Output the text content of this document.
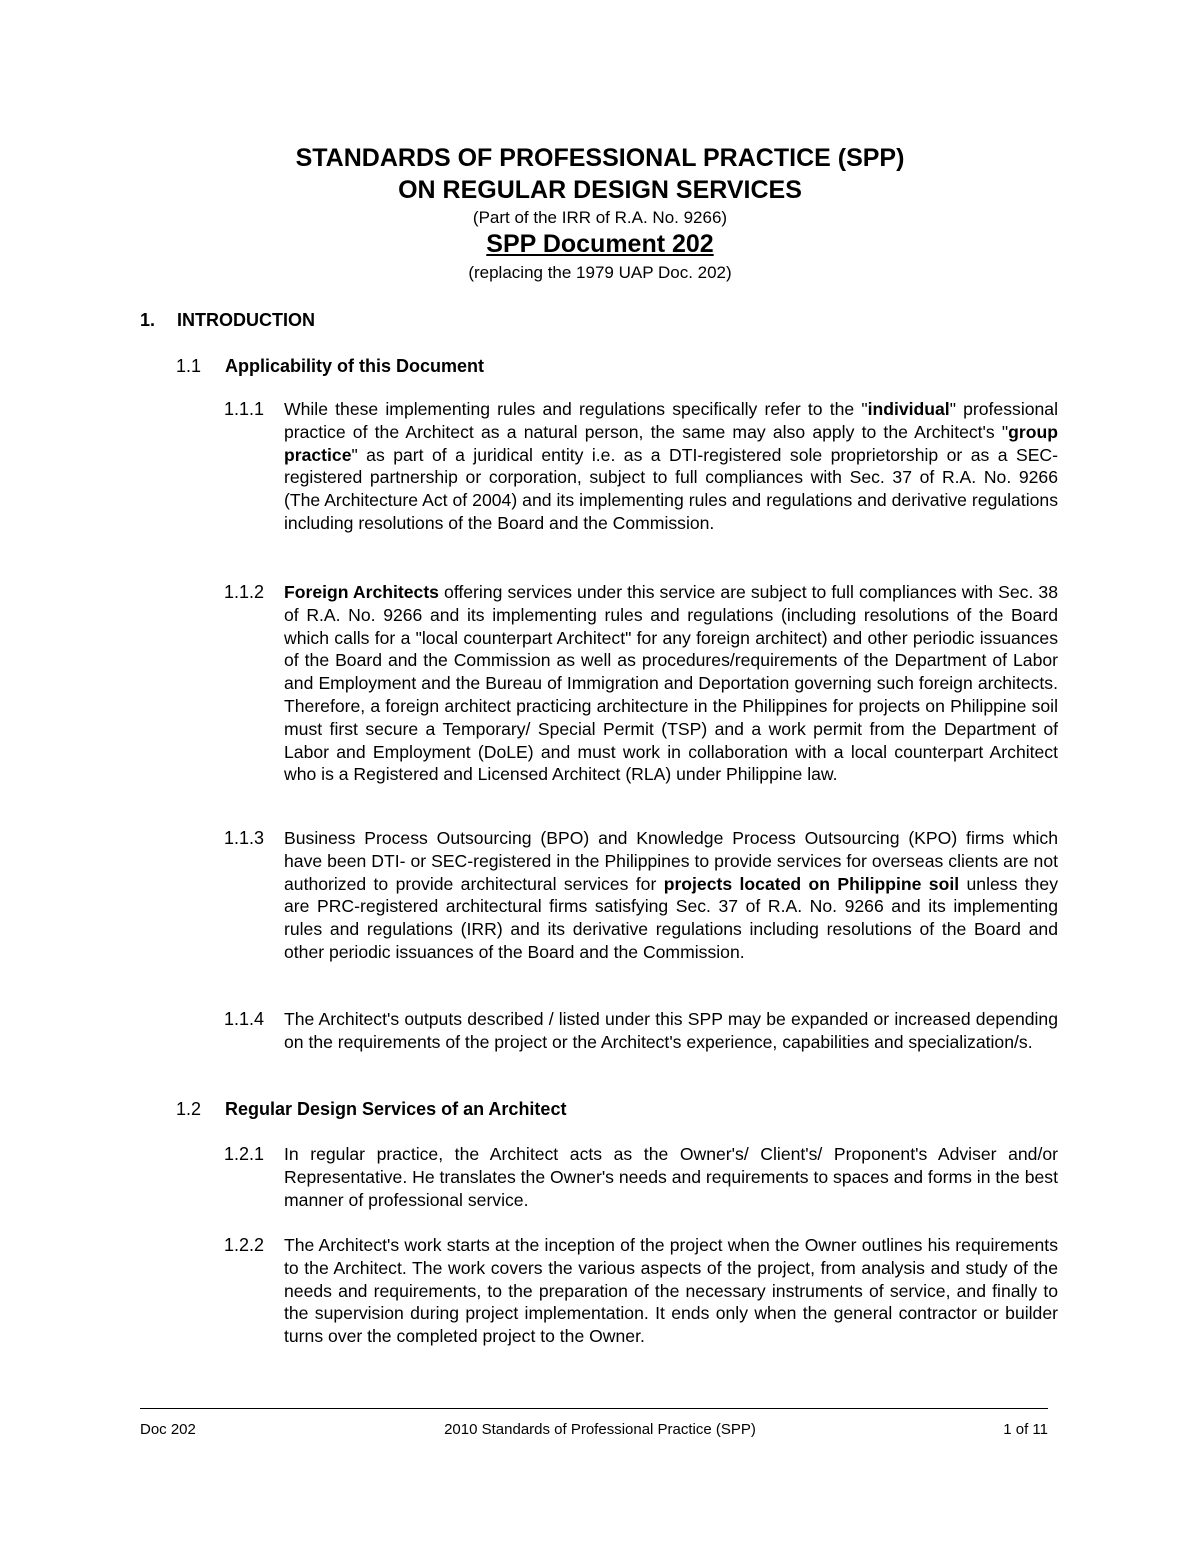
STANDARDS OF PROFESSIONAL PRACTICE (SPP)
ON REGULAR DESIGN SERVICES
(Part of the IRR of R.A. No. 9266)
SPP Document 202
(replacing the 1979 UAP Doc. 202)
1. INTRODUCTION
1.1 Applicability of this Document
1.1.1 While these implementing rules and regulations specifically refer to the "individual" professional practice of the Architect as a natural person, the same may also apply to the Architect's "group practice" as part of a juridical entity i.e. as a DTI-registered sole proprietorship or as a SEC-registered partnership or corporation, subject to full compliances with Sec. 37 of R.A. No. 9266 (The Architecture Act of 2004) and its implementing rules and regulations and derivative regulations including resolutions of the Board and the Commission.
1.1.2 Foreign Architects offering services under this service are subject to full compliances with Sec. 38 of R.A. No. 9266 and its implementing rules and regulations (including resolutions of the Board which calls for a "local counterpart Architect" for any foreign architect) and other periodic issuances of the Board and the Commission as well as procedures/requirements of the Department of Labor and Employment and the Bureau of Immigration and Deportation governing such foreign architects. Therefore, a foreign architect practicing architecture in the Philippines for projects on Philippine soil must first secure a Temporary/ Special Permit (TSP) and a work permit from the Department of Labor and Employment (DoLE) and must work in collaboration with a local counterpart Architect who is a Registered and Licensed Architect (RLA) under Philippine law.
1.1.3 Business Process Outsourcing (BPO) and Knowledge Process Outsourcing (KPO) firms which have been DTI- or SEC-registered in the Philippines to provide services for overseas clients are not authorized to provide architectural services for projects located on Philippine soil unless they are PRC-registered architectural firms satisfying Sec. 37 of R.A. No. 9266 and its implementing rules and regulations (IRR) and its derivative regulations including resolutions of the Board and other periodic issuances of the Board and the Commission.
1.1.4 The Architect's outputs described / listed under this SPP may be expanded or increased depending on the requirements of the project or the Architect's experience, capabilities and specialization/s.
1.2 Regular Design Services of an Architect
1.2.1 In regular practice, the Architect acts as the Owner's/ Client's/ Proponent's Adviser and/or Representative. He translates the Owner's needs and requirements to spaces and forms in the best manner of professional service.
1.2.2 The Architect's work starts at the inception of the project when the Owner outlines his requirements to the Architect. The work covers the various aspects of the project, from analysis and study of the needs and requirements, to the preparation of the necessary instruments of service, and finally to the supervision during project implementation. It ends only when the general contractor or builder turns over the completed project to the Owner.
Doc 202	2010 Standards of Professional Practice (SPP)	1 of 11
